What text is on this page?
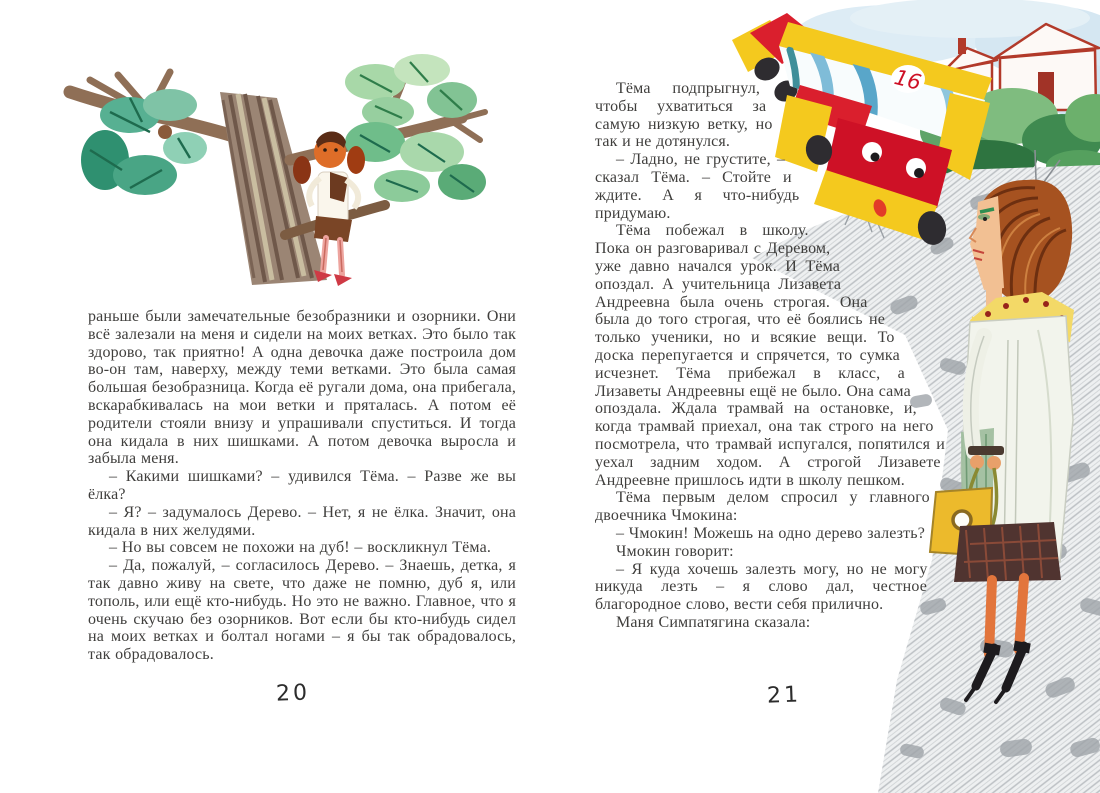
16

раньше были замечательные безобразники и озорники. Они всё залезали на меня и сидели на моих ветках. Это было так здорово, так приятно! А одна девочка даже построила дом во-он там, наверху, между теми ветками. Это была самая большая безобразница. Когда её ругали дома, она прибегала, вскарабкивалась на мои ветки и пряталась. А потом её родители стояли внизу и упрашивали спуститься. И тогда она кидала в них шишками. А потом девочка выросла и забыла меня.

– Какими шишками? – удивился Тёма. – Разве же вы ёлка?

– Я? – задумалось Дерево. – Нет, я не ёлка. Значит, она кидала в них желудями.

– Но вы совсем не похожи на дуб! – воскликнул Тёма.

– Да, пожалуй, – согласилось Дерево. – Знаешь, детка, я так давно живу на свете, что даже не помню, дуб я, или тополь, или ещё кто-нибудь. Но это не важно. Главное, что я очень скучаю без озорников. Вот если бы кто-нибудь сидел на моих ветках и болтал ногами – я бы так обрадовалось, так обрадовалось.

Тёма подпрыгнул, чтобы ухватиться за самую низкую ветку, но так и не дотянулся.

– Ладно, не грустите, – сказал Тёма. – Стойте и ждите. А я что-нибудь придумаю.

Тёма побежал в школу. Пока он разговаривал с Деревом, уже давно начался урок. И Тёма опоздал. А учительница Лизавета Андреевна была очень строгая. Она была до того строгая, что её боялись не только ученики, но и всякие вещи. То доска перепугается и спрячется, то сумка исчезнет. Тёма прибежал в класс, а Лизаветы Андреевны ещё не было. Она сама опоздала. Ждала трамвай на остановке, и, когда трамвай приехал, она так строго на него посмотрела, что трамвай испугался, попятился и уехал задним ходом. А строгой Лизавете Андреевне пришлось идти в школу пешком.

Тёма первым делом спросил у главного двоечника Чмокина:

– Чмокин! Можешь на одно дерево залезть?

Чмокин говорит:

– Я куда хочешь залезть могу, но не могу никуда лезть – я слово дал, честное благородное слово, вести себя прилично.

Маня Симпатягина сказала:

20	21
